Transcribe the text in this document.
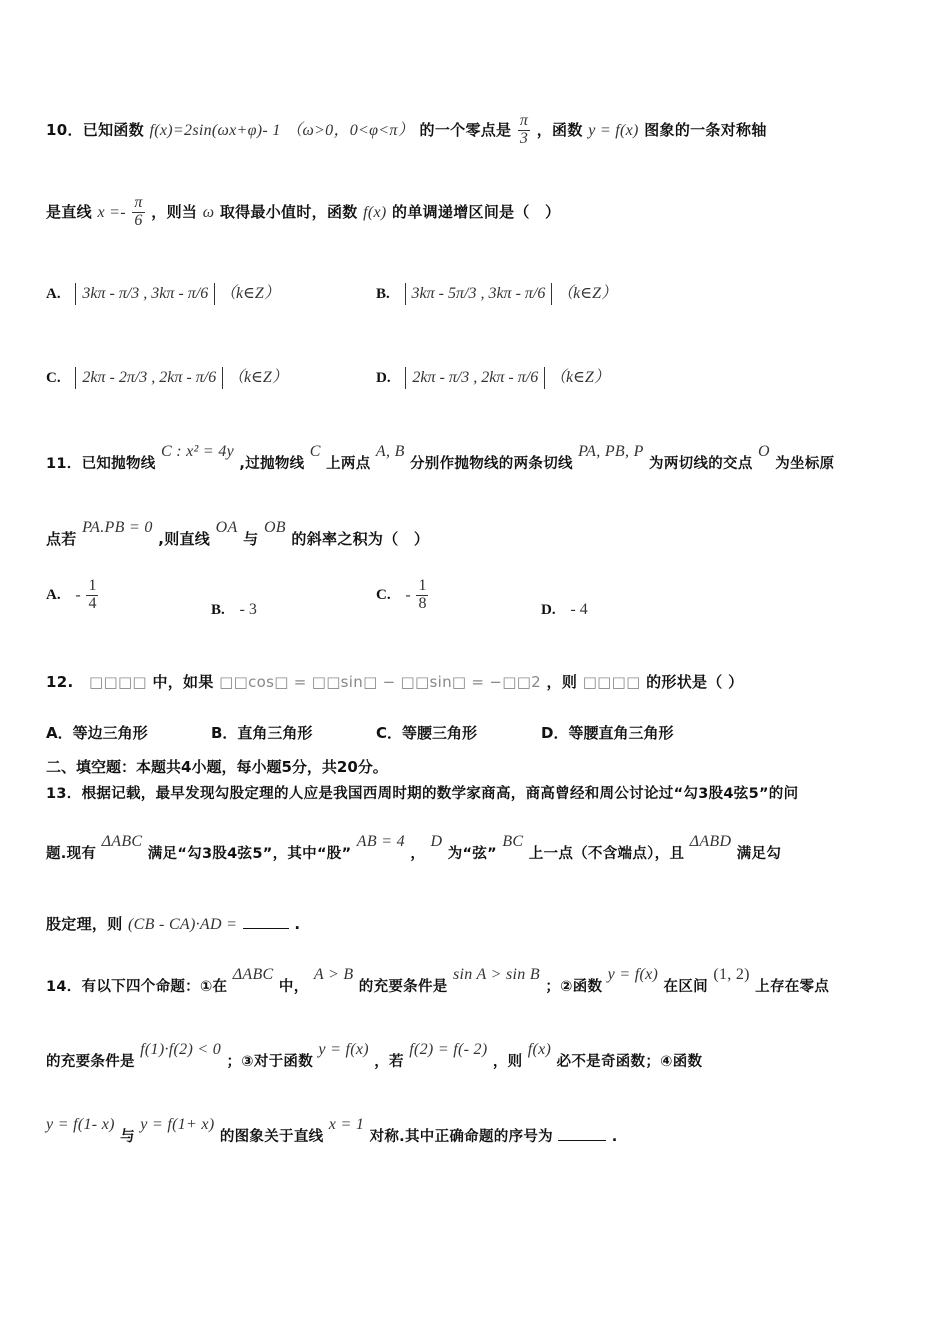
10．已知函数 f(x)=2sin(ωx+φ)- 1 （ω>0，0<φ<π） 的一个零点是 $\frac{\pi}{3}$ ，函数 y = f(x) 图象的一条对称轴
是直线 $x =- \frac{\pi}{6}$ ，则当 ω 取得最小值时，函数 f(x) 的单调递增区间是（　）
A. 3kπ - π/3 , 3kπ - π/6 （k∈Z）	B. 3kπ - 5π/3 , 3kπ - π/6 （k∈Z）
C. 2kπ - 2π/3 , 2kπ - π/6 （k∈Z）	D. 2kπ - π/3 , 2kπ - π/6 （k∈Z）
11．已知抛物线 C : x² = 4y ,过抛物线 C 上两点 A, B 分别作抛物线的两条切线 PA, PB, P 为两切线的交点 O 为坐标原
点若 PA.PB = 0 ,则直线 OA 与 OB 的斜率之积为（　）
A. - $\frac{1}{4}$	B. - 3
C. - $\frac{1}{8}$	D. - 4
12. □□□□ 中，如果 □□cos□ = □□sin□ − □□sin□ = −□□2 ，则 □□□□ 的形状是（ ）
A．等边三角形	B．直角三角形	C．等腰三角形	D．等腰直角三角形
二、填空题：本题共4小题，每小题5分，共20分。
13．根据记载，最早发现勾股定理的人应是我国西周时期的数学家商高，商高曾经和周公讨论过“勾3股4弦5”的问
题.现有 ΔABC 满足“勾3股4弦5”，其中“股” AB = 4 ， D 为“弦” BC 上一点（不含端点），且 ΔABD 满足勾
股定理，则 (CB - CA)·AD =	.
14．有以下四个命题：①在 ΔABC 中， A > B 的充要条件是 sin A > sin B ；②函数 y = f(x) 在区间 (1, 2) 上存在零点
的充要条件是 f(1)·f(2) < 0 ；③对于函数 y = f(x) ，若 f(2) = f(- 2) ，则 f(x) 必不是奇函数；④函数
y = f(1- x) 与 y = f(1+ x) 的图象关于直线 x = 1 对称.其中正确命题的序号为	.
